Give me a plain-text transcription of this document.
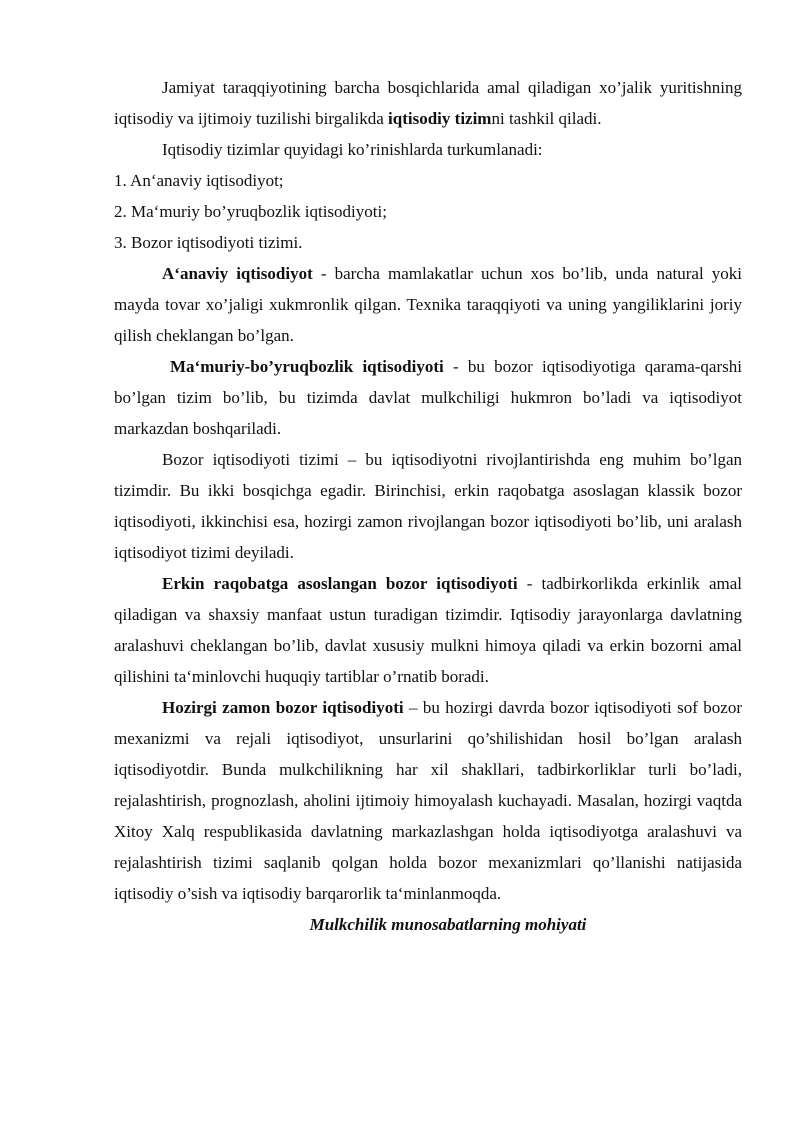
Jamiyat taraqqiyotining barcha bosqichlarida amal qiladigan xo’jalik yuritishning iqtisodiy va ijtimoiy tuzilishi birgalikda iqtisodiy tizimni tashkil qiladi.

Iqtisodiy tizimlar quyidagi ko’rinishlarda turkumlanadi:

1. An‘anaviy iqtisodiyot;

2. Ma‘muriy bo’yruqbozlik iqtisodiyoti;

3. Bozor iqtisodiyoti tizimi.

A‘anaviy iqtisodiyot - barcha mamlakatlar uchun xos bo’lib, unda natural yoki mayda tovar xo’jaligi xukmronlik qilgan. Texnika taraqqiyoti va uning yangiliklarini joriy qilish cheklangan bo’lgan.

Ma‘muriy-bo’yruqbozlik iqtisodiyoti - bu bozor iqtisodiyotiga qarama-qarshi bo’lgan tizim bo’lib, bu tizimda davlat mulkchiligi hukmron bo’ladi va iqtisodiyot markazdan boshqariladi.

Bozor iqtisodiyoti tizimi – bu iqtisodiyotni rivojlantirishda eng muhim bo’lgan tizimdir. Bu ikki bosqichga egadir. Birinchisi, erkin raqobatga asoslagan klassik bozor iqtisodiyoti, ikkinchisi esa, hozirgi zamon rivojlangan bozor iqtisodiyoti bo’lib, uni aralash iqtisodiyot tizimi deyiladi.

Erkin raqobatga asoslangan bozor iqtisodiyoti - tadbirkorlikda erkinlik amal qiladigan va shaxsiy manfaat ustun turadigan tizimdir. Iqtisodiy jarayonlarga davlatning aralashuvi cheklangan bo’lib, davlat xususiy mulkni himoya qiladi va erkin bozorni amal qilishini ta‘minlovchi huquqiy tartiblar o’rnatib boradi.

Hozirgi zamon bozor iqtisodiyoti – bu hozirgi davrda bozor iqtisodiyoti sof bozor mexanizmi va rejali iqtisodiyot, unsurlarini qo’shilishidan hosil bo’lgan aralash iqtisodiyotdir. Bunda mulkchilikning har xil shakllari, tadbirkorliklar turli bo’ladi, rejalashtirish, prognozlash, aholini ijtimoiy himoyalash kuchayadi. Masalan, hozirgi vaqtda Xitoy Xalq respublikasida davlatning markazlashgan holda iqtisodiyotga aralashuvi va rejalashtirish tizimi saqlanib qolgan holda bozor mexanizmlari qo’llanishi natijasida iqtisodiy o’sish va iqtisodiy barqarorlik ta‘minlanmoqda.

Mulkchilik munosabatlarning mohiyati
